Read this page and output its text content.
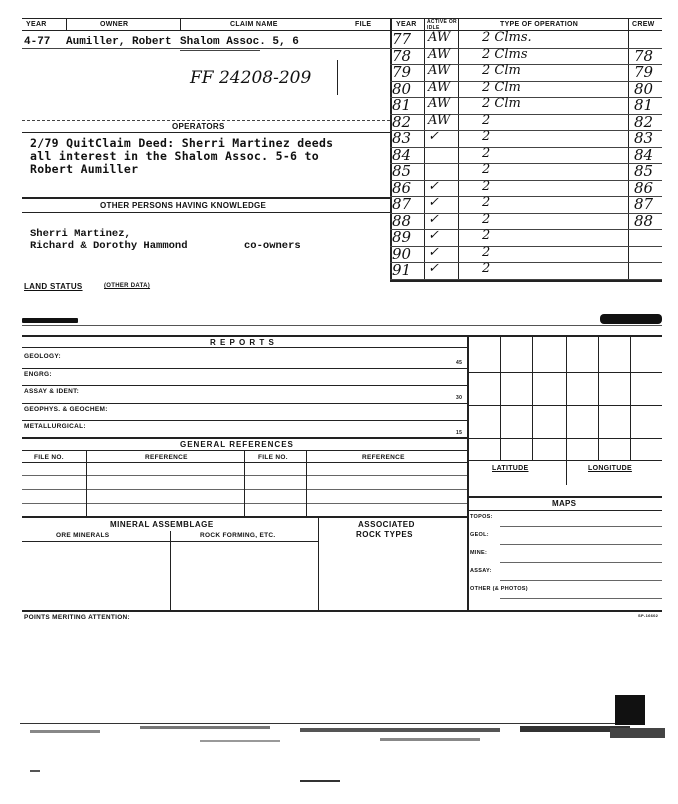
YEAR	OWNER	CLAIM NAME	FILE	YEAR ACTIVE OR IDLE	TYPE OF OPERATION	CREW
4-77 Aumiller, Robert Shalom Assoc. 5, 6
FF 24208-209
OPERATORS
2/79 QuitClaim Deed: Sherri Martinez deeds
all interest in the Shalom Assoc. 5-6 to
Robert Aumiller
OTHER PERSONS HAVING KNOWLEDGE
Sherri Martinez,
Richard & Dorothy Hammond	co-owners
77 AW 2 Clms.
78 AW 2 Clms	78
79 AW 2 Clm	79
80 AW 2 Clm	80
81 AW 2 Clm	81
82 AW 2	82
83 ✓	2	83
84	2	84
85	2	85
86 ✓	2	86
87 ✓	2	87
88 ✓	2	88
89 ✓	2
90 ✓	2
91 ✓	2
LAND STATUS	(OTHER DATA)
R E P O R T S
GEOLOGY:
45
ENGRG:
ASSAY & IDENT:
30
GEOPHYS. & GEOCHEM:
METALLURGICAL:
15
LATITUDE	LONGITUDE
MAPS
TOPOS:
GEOL:
MINE:
ASSAY:
OTHER (& PHOTOS)
GENERAL REFERENCES
FILE NO.	REFERENCE	FILE NO.	REFERENCE
MINERAL ASSEMBLAGE
ORE MINERALS	ROCK FORMING, ETC.
ASSOCIATED
ROCK TYPES
POINTS MERITING ATTENTION:	SP-16602
